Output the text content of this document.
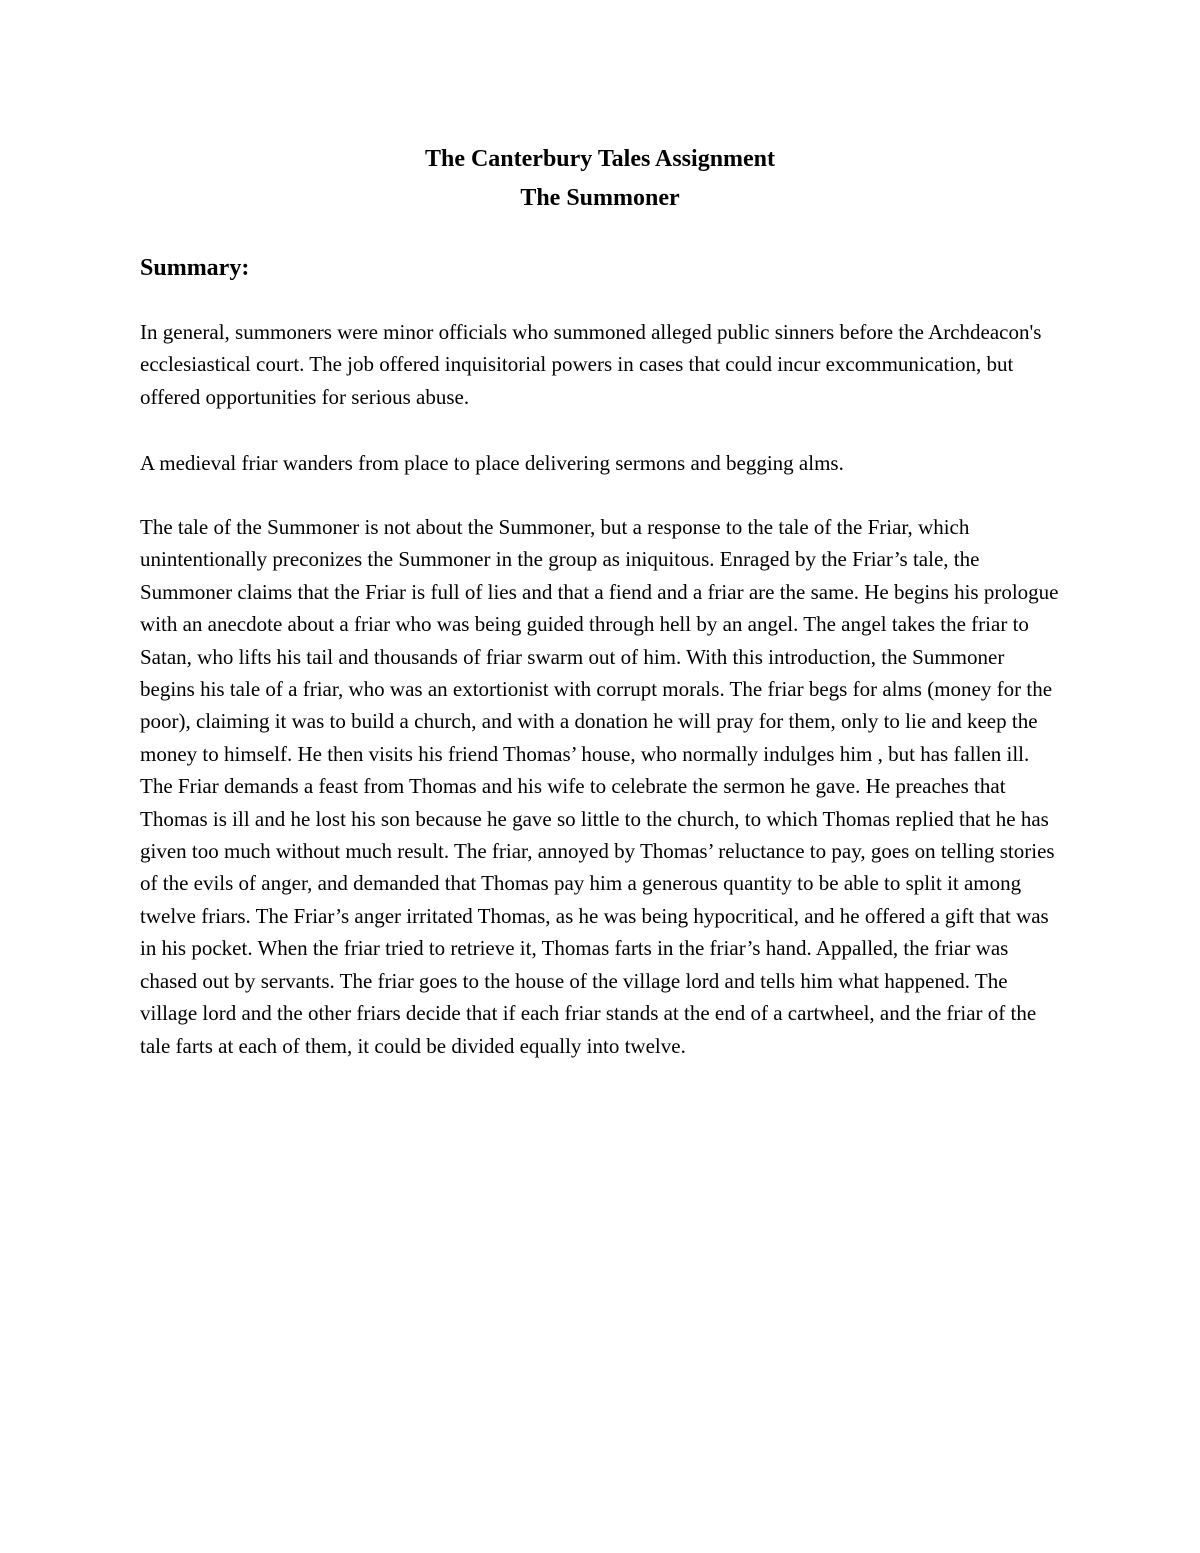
The Canterbury Tales Assignment
The Summoner
Summary:

In general, summoners were minor officials who summoned alleged public sinners before the Archdeacon's ecclesiastical court. The job offered inquisitorial powers in cases that could incur excommunication, but offered opportunities for serious abuse.

A medieval friar wanders from place to place delivering sermons and begging alms.

The tale of the Summoner is not about the Summoner, but a response to the tale of the Friar, which unintentionally preconizes the Summoner in the group as iniquitous. Enraged by the Friar’s tale, the Summoner claims that the Friar is full of lies and that a fiend and a friar are the same. He begins his prologue with an anecdote about a friar who was being guided through hell by an angel. The angel takes the friar to Satan, who lifts his tail and thousands of friar swarm out of him. With this introduction, the Summoner begins his tale of a friar, who was an extortionist with corrupt morals. The friar begs for alms (money for the poor), claiming it was to build a church, and with a donation he will pray for them, only to lie and keep the money to himself. He then visits his friend Thomas’ house, who normally indulges him , but has fallen ill. The Friar demands a feast from Thomas and his wife to celebrate the sermon he gave. He preaches that Thomas is ill and he lost his son because he gave so little to the church, to which Thomas replied that he has given too much without much result. The friar, annoyed by Thomas’ reluctance to pay, goes on telling stories of the evils of anger, and demanded that Thomas pay him a generous quantity to be able to split it among twelve friars. The Friar’s anger irritated Thomas, as he was being hypocritical, and he offered a gift that was in his pocket. When the friar tried to retrieve it, Thomas farts in the friar’s hand. Appalled, the friar was chased out by servants. The friar goes to the house of the village lord and tells him what happened. The village lord and the other friars decide that if each friar stands at the end of a cartwheel, and the friar of the tale farts at each of them, it could be divided equally into twelve.
